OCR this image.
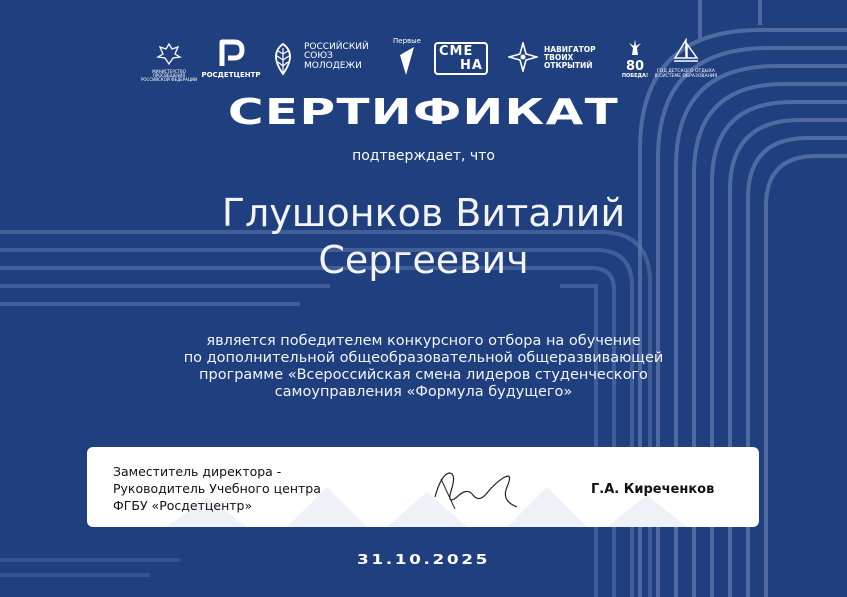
МИНИСТЕРСТВО ПРОСВЕЩЕНИЯ РОССИЙСКОЙ ФЕДЕРАЦИИ
РОСДЕТЦЕНТР
РОССИЙСКИЙ
СОЮЗ
МОЛОДЕЖИ
Первые
СМЕ
НА
НАВИГАТОР
ТВОИХ
ОТКРЫТИЙ	80
ПОБЕДА!
ГОД ДЕТСКОГО ОТДЫХА
В СИСТЕМЕ ОБРАЗОВАНИЯ
СЕРТИФИКАТ
подтверждает, что
Глушонков Виталий
Сергеевич
является победителем конкурсного отбора на обучение
по дополнительной общеобразовательной общеразвивающей
программе «Всероссийская смена лидеров студенческого
самоуправления «Формула будущего»
Заместитель директора -
Руководитель Учебного центра
ФГБУ «Росдетцентр»
Г.А. Киреченков
31.10.2025
